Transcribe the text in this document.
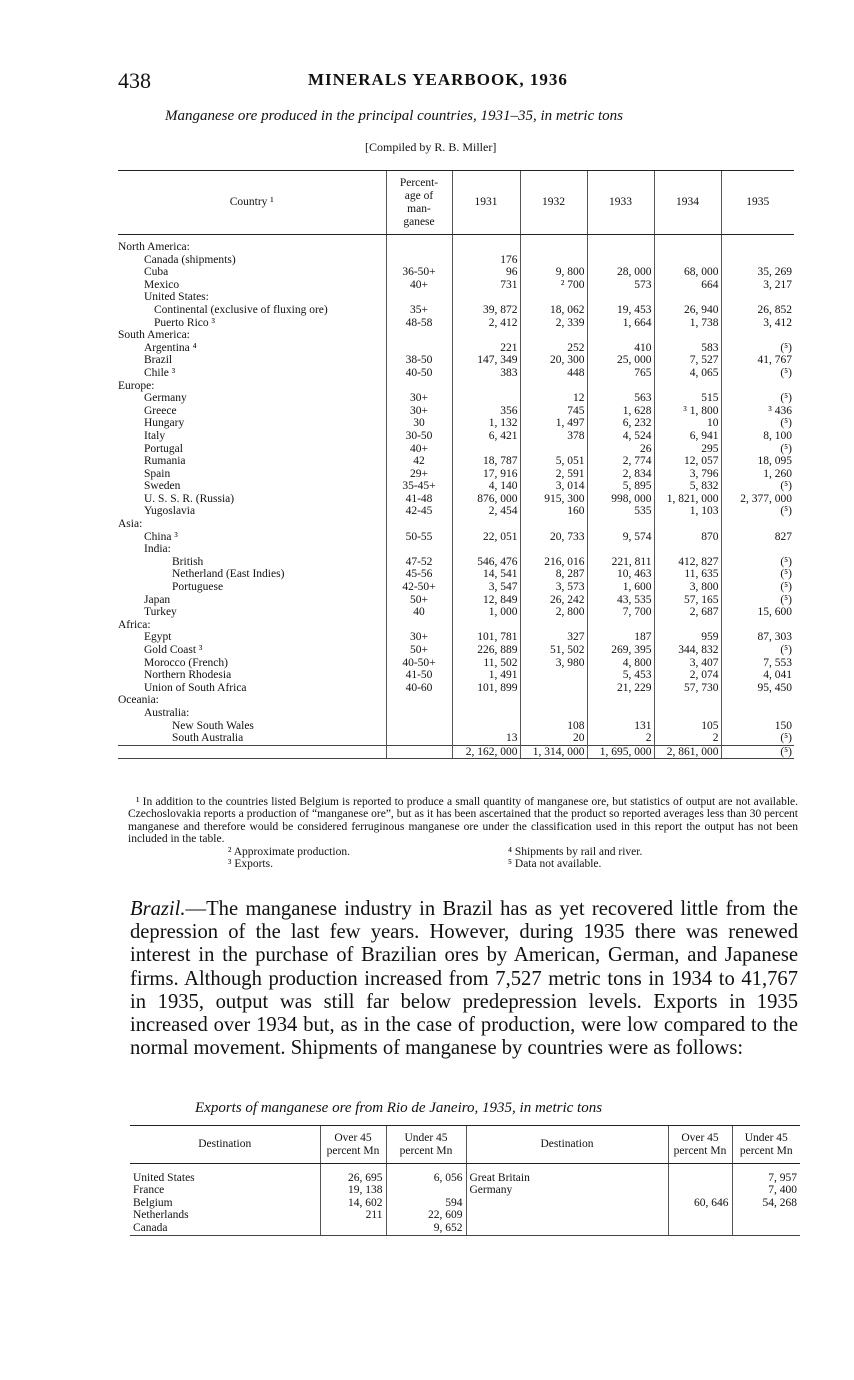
438	MINERALS YEARBOOK, 1936
Manganese ore produced in the principal countries, 1931–35, in metric tons
[Compiled by R. B. Miller]
Country ¹	Percent-age of man-ganese	1931	1932	1933	1934	1935

North America:						
Canada (shipments)		176				
Cuba	36-50+	96	9, 800	28, 000	68, 000	35, 269
Mexico	40+	731	² 700	573	664	3, 217
United States:						
Continental (exclusive of fluxing ore)	35+	39, 872	18, 062	19, 453	26, 940	26, 852
Puerto Rico ³	48-58	2, 412	2, 339	1, 664	1, 738	3, 412
South America:						
Argentina ⁴		221	252	410	583	(⁵)
Brazil	38-50	147, 349	20, 300	25, 000	7, 527	41, 767
Chile ³	40-50	383	448	765	4, 065	(⁵)
Europe:						
Germany	30+		12	563	515	(⁵)
Greece	30+	356	745	1, 628	³ 1, 800	³ 436
Hungary	30	1, 132	1, 497	6, 232	10	(⁵)
Italy	30-50	6, 421	378	4, 524	6, 941	8, 100
Portugal	40+			26	295	(⁵)
Rumania	42	18, 787	5, 051	2, 774	12, 057	18, 095
Spain	29+	17, 916	2, 591	2, 834	3, 796	1, 260
Sweden	35-45+	4, 140	3, 014	5, 895	5, 832	(⁵)
U. S. S. R. (Russia)	41-48	876, 000	915, 300	998, 000	1, 821, 000	2, 377, 000
Yugoslavia	42-45	2, 454	160	535	1, 103	(⁵)
Asia:						
China ³	50-55	22, 051	20, 733	9, 574	870	827
India:						
British	47-52	546, 476	216, 016	221, 811	412, 827	(⁵)
Netherland (East Indies)	45-56	14, 541	8, 287	10, 463	11, 635	(⁵)
Portuguese	42-50+	3, 547	3, 573	1, 600	3, 800	(⁵)
Japan	50+	12, 849	26, 242	43, 535	57, 165	(⁵)
Turkey	40	1, 000	2, 800	7, 700	2, 687	15, 600
Africa:						
Egypt	30+	101, 781	327	187	959	87, 303
Gold Coast ³	50+	226, 889	51, 502	269, 395	344, 832	(⁵)
Morocco (French)	40-50+	11, 502	3, 980	4, 800	3, 407	7, 553
Northern Rhodesia	41-50	1, 491		5, 453	2, 074	4, 041
Union of South Africa	40-60	101, 899		21, 229	57, 730	95, 450
Oceania:						
Australia:						
New South Wales			108	131	105	150
South Australia		13	20	2	2	(⁵)
		2, 162, 000	1, 314, 000	1, 695, 000	2, 861, 000	(⁵)

¹ In addition to the countries listed Belgium is reported to produce a small quantity of manganese ore, but statistics of output are not available. Czechoslovakia reports a production of “manganese ore”, but as it has been ascertained that the product so reported averages less than 30 percent manganese and therefore would be considered ferruginous manganese ore under the classification used in this report the output has not been included in the table.

² Approximate production.
³ Exports.
⁴ Shipments by rail and river.
⁵ Data not available.
Brazil.—The manganese industry in Brazil has as yet recovered little from the depression of the last few years. However, during 1935 there was renewed interest in the purchase of Brazilian ores by American, German, and Japanese firms. Although production increased from 7,527 metric tons in 1934 to 41,767 in 1935, output was still far below predepression levels. Exports in 1935 increased over 1934 but, as in the case of production, were low compared to the normal movement. Shipments of manganese by countries were as follows:
Exports of manganese ore from Rio de Janeiro, 1935, in metric tons
Destination	Over 45 percent Mn	Under 45 percent Mn	Destination	Over 45 percent Mn	Under 45 percent Mn

United States	26, 695	6, 056	Great Britain		7, 957
France	19, 138		Germany		7, 400
Belgium	14, 602	594		60, 646	54, 268
Netherlands	211	22, 609			
Canada		9, 652			
